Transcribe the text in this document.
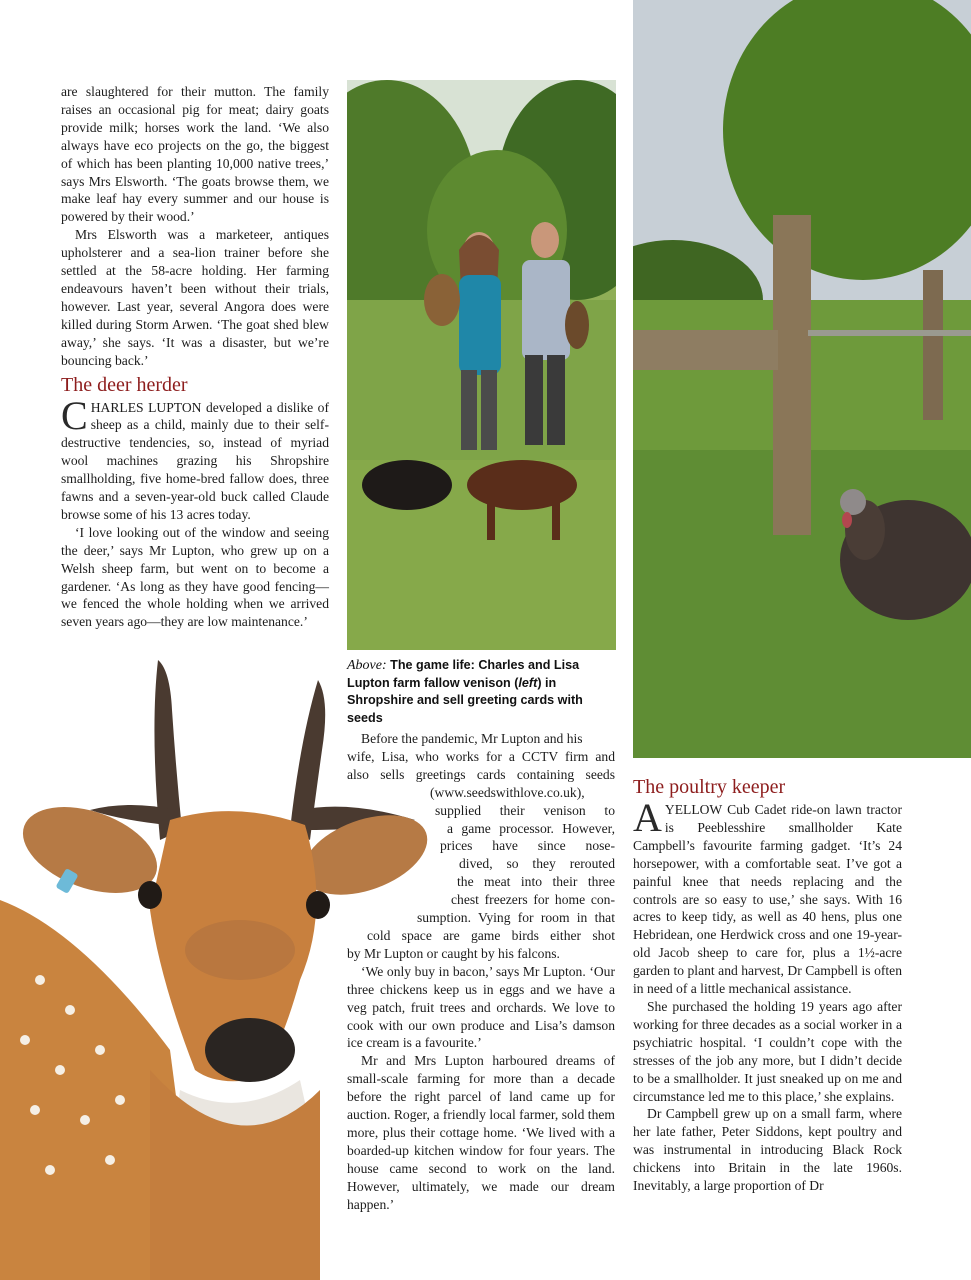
are slaughtered for their mutton. The family raises an occasional pig for meat; dairy goats provide milk; horses work the land. ‘We also always have eco projects on the go, the biggest of which has been planting 10,000 native trees,’ says Mrs Elsworth. ‘The goats browse them, we make leaf hay every summer and our house is powered by their wood.’

Mrs Elsworth was a marketeer, antiques upholsterer and a sea-lion trainer before she settled at the 58-acre holding. Her farming endeavours haven’t been without their trials, however. Last year, several Angora does were killed during Storm Arwen. ‘The goat shed blew away,’ she says. ‘It was a disaster, but we’re bouncing back.’

The deer herder

CHARLES LUPTON developed a dislike of sheep as a child, mainly due to their self-destructive tendencies, so, instead of myriad wool machines grazing his Shropshire smallholding, five home-bred fallow does, three fawns and a seven-year-old buck called Claude browse some of his 13 acres today.

‘I love looking out of the window and seeing the deer,’ says Mr Lupton, who grew up on a Welsh sheep farm, but went on to become a gardener. ‘As long as they have good fencing—we fenced the whole holding when we arrived seven years ago—they are low maintenance.’

Above: The game life: Charles and Lisa Lupton farm fallow venison (left) in Shropshire and sell greeting cards with seeds
Before the pandemic, Mr Lupton and his
wife, Lisa, who works for a CCTV firm and
also sells greetings cards containing seeds
(www.seedswithlove.co.uk),
supplied their venison to
a game processor. However,
prices have since nose-
dived, so they rerouted
the meat into their three
chest freezers for home con-
sumption. Vying for room in that
cold space are game birds either shot
by Mr Lupton or caught by his falcons.

‘We only buy in bacon,’ says Mr Lupton. ‘Our three chickens keep us in eggs and we have a veg patch, fruit trees and orchards. We love to cook with our own produce and Lisa’s damson ice cream is a favourite.’

Mr and Mrs Lupton harboured dreams of small-scale farming for more than a decade before the right parcel of land came up for auction. Roger, a friendly local farmer, sold them more, plus their cottage home. ‘We lived with a boarded-up kitchen window for four years. The house came second to work on the land. However, ultimately, we made our dream happen.’

The poultry keeper

AYELLOW Cub Cadet ride-on lawn tractor is Peeblesshire smallholder Kate Campbell’s favourite farming gadget. ‘It’s 24 horsepower, with a comfortable seat. I’ve got a painful knee that needs replacing and the controls are so easy to use,’ she says. With 16 acres to keep tidy, as well as 40 hens, plus one Hebridean, one Herdwick cross and one 19-year-old Jacob sheep to care for, plus a 1½-acre garden to plant and harvest, Dr Campbell is often in need of a little mechanical assistance.

She purchased the holding 19 years ago after working for three decades as a social worker in a psychiatric hospital. ‘I couldn’t cope with the stresses of the job any more, but I didn’t decide to be a smallholder. It just sneaked up on me and circumstance led me to this place,’ she explains.

Dr Campbell grew up on a small farm, where her late father, Peter Siddons, kept poultry and was instrumental in introducing Black Rock chickens into Britain in the late 1960s. Inevitably, a large proportion of Dr
